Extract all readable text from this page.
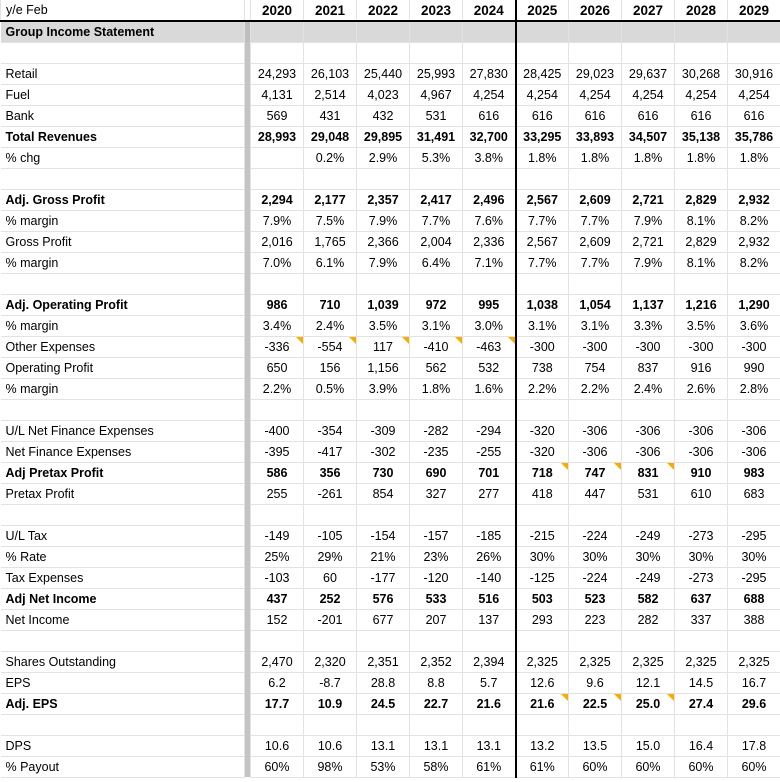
y/e Feb		2020	2021	2022	2023	2024	2025	2026	2027	2028	2029
Group Income Statement											

Retail		24,293	26,103	25,440	25,993	27,830	28,425	29,023	29,637	30,268	30,916
Fuel		4,131	2,514	4,023	4,967	4,254	4,254	4,254	4,254	4,254	4,254
Bank		569	431	432	531	616	616	616	616	616	616
Total Revenues		28,993	29,048	29,895	31,491	32,700	33,295	33,893	34,507	35,138	35,786
% chg			0.2%	2.9%	5.3%	3.8%	1.8%	1.8%	1.8%	1.8%	1.8%

Adj. Gross Profit		2,294	2,177	2,357	2,417	2,496	2,567	2,609	2,721	2,829	2,932
% margin		7.9%	7.5%	7.9%	7.7%	7.6%	7.7%	7.7%	7.9%	8.1%	8.2%
Gross Profit		2,016	1,765	2,366	2,004	2,336	2,567	2,609	2,721	2,829	2,932
% margin		7.0%	6.1%	7.9%	6.4%	7.1%	7.7%	7.7%	7.9%	8.1%	8.2%

Adj. Operating Profit		986	710	1,039	972	995	1,038	1,054	1,137	1,216	1,290
% margin		3.4%	2.4%	3.5%	3.1%	3.0%	3.1%	3.1%	3.3%	3.5%	3.6%
Other Expenses		-336	-554	117	-410	-463	-300	-300	-300	-300	-300
Operating Profit		650	156	1,156	562	532	738	754	837	916	990
% margin		2.2%	0.5%	3.9%	1.8%	1.6%	2.2%	2.2%	2.4%	2.6%	2.8%

U/L Net Finance Expenses		-400	-354	-309	-282	-294	-320	-306	-306	-306	-306
Net Finance Expenses		-395	-417	-302	-235	-255	-320	-306	-306	-306	-306
Adj Pretax Profit		586	356	730	690	701	718	747	831	910	983
Pretax Profit		255	-261	854	327	277	418	447	531	610	683

U/L Tax		-149	-105	-154	-157	-185	-215	-224	-249	-273	-295
% Rate		25%	29%	21%	23%	26%	30%	30%	30%	30%	30%
Tax Expenses		-103	60	-177	-120	-140	-125	-224	-249	-273	-295
Adj Net Income		437	252	576	533	516	503	523	582	637	688
Net Income		152	-201	677	207	137	293	223	282	337	388

Shares Outstanding		2,470	2,320	2,351	2,352	2,394	2,325	2,325	2,325	2,325	2,325
EPS		6.2	-8.7	28.8	8.8	5.7	12.6	9.6	12.1	14.5	16.7
Adj. EPS		17.7	10.9	24.5	22.7	21.6	21.6	22.5	25.0	27.4	29.6

DPS		10.6	10.6	13.1	13.1	13.1	13.2	13.5	15.0	16.4	17.8
% Payout		60%	98%	53%	58%	61%	61%	60%	60%	60%	60%
